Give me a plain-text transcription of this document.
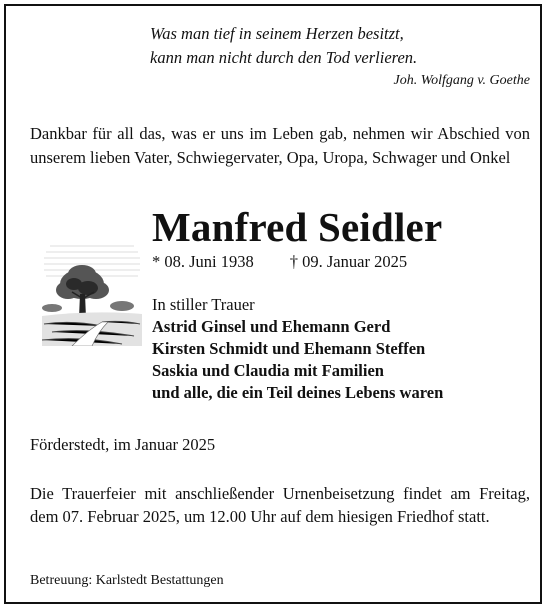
Was man tief in seinem Herzen besitzt,
kann man nicht durch den Tod verlieren.
Joh. Wolfgang v. Goethe
Dankbar für all das, was er uns im Leben gab, nehmen wir Abschied von unserem lieben Vater, Schwiegervater, Opa, Uropa, Schwager und Onkel
Manfred Seidler
* 08. Juni 1938 † 09. Januar 2025
In stiller Trauer
Astrid Ginsel und Ehemann Gerd
Kirsten Schmidt und Ehemann Steffen
Saskia und Claudia mit Familien
und alle, die ein Teil deines Lebens waren
Förderstedt, im Januar 2025
Die Trauerfeier mit anschließender Urnenbeisetzung findet am Freitag, dem 07. Februar 2025, um 12.00 Uhr auf dem hiesigen Friedhof statt.
Betreuung: Karlstedt Bestattungen
